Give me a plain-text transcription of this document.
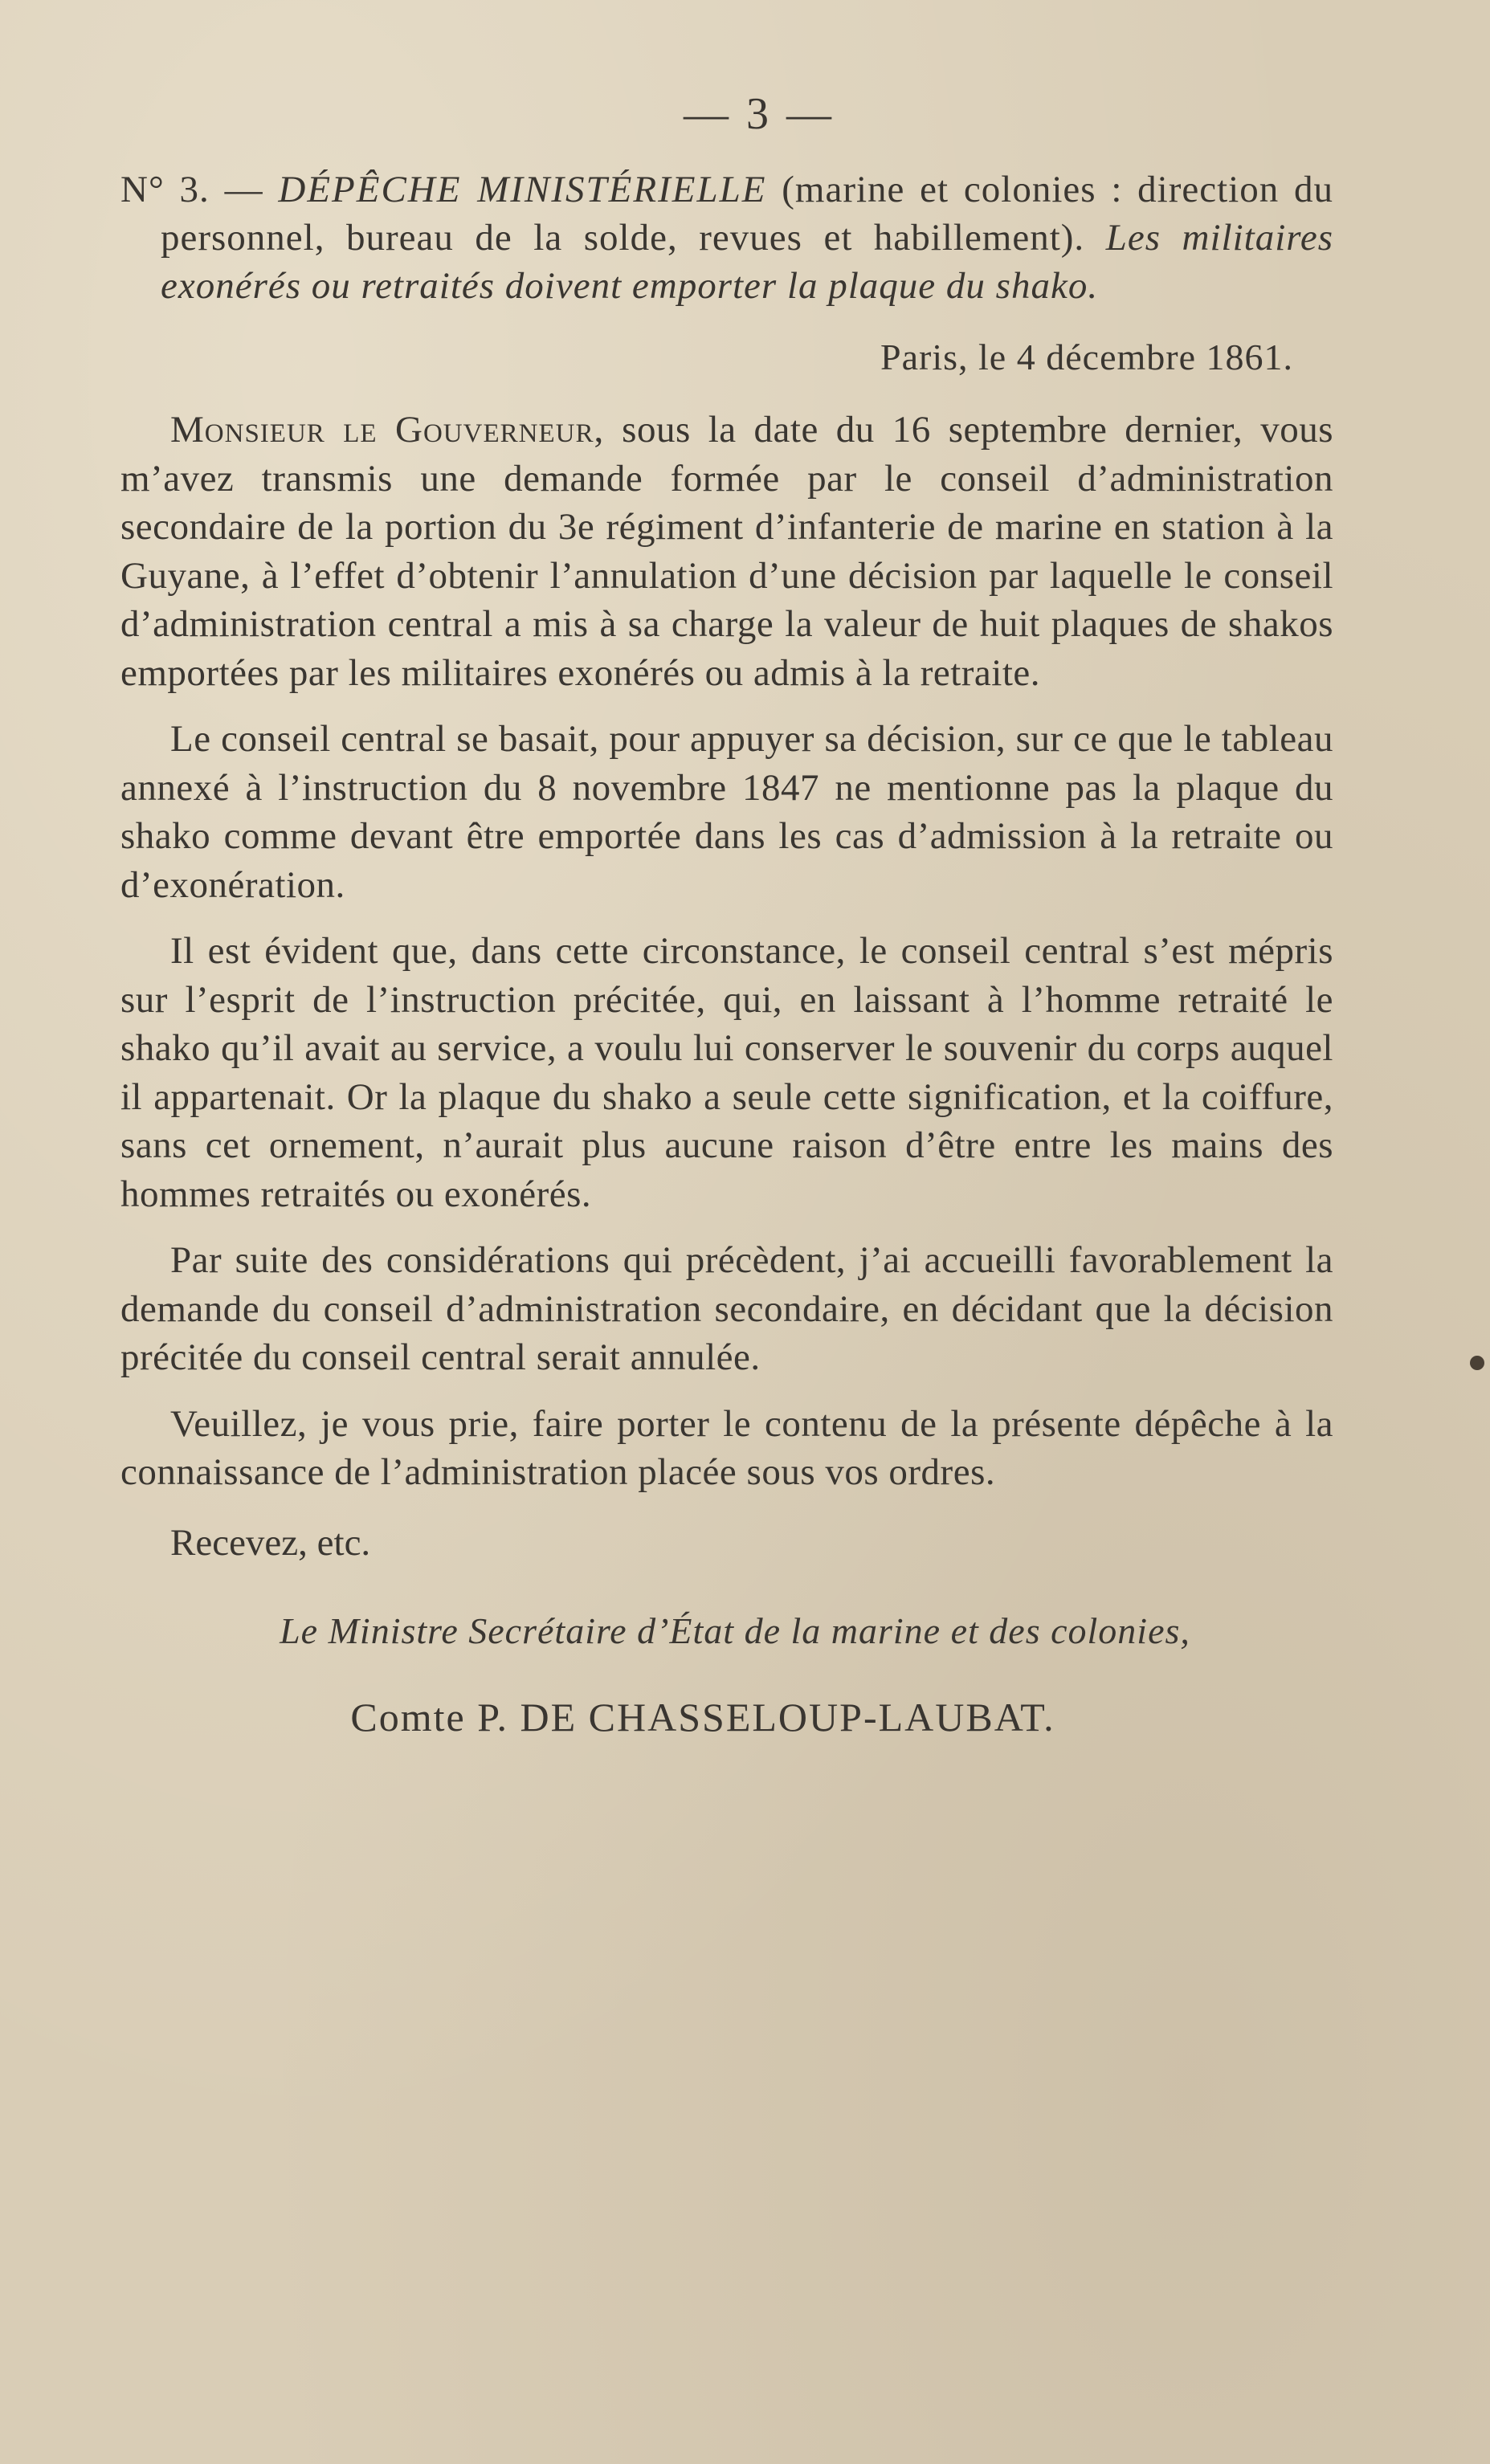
— 3 —

N° 3. — DÉPÊCHE MINISTÉRIELLE (marine et colonies : direction du personnel, bureau de la solde, revues et habillement). Les militaires exonérés ou retraités doivent emporter la plaque du shako.

Paris, le 4 décembre 1861.

Monsieur le Gouverneur, sous la date du 16 septembre dernier, vous m’avez transmis une demande formée par le conseil d’administration secondaire de la portion du 3e régiment d’infanterie de marine en station à la Guyane, à l’effet d’obtenir l’annulation d’une décision par laquelle le conseil d’administration central a mis à sa charge la valeur de huit plaques de shakos emportées par les militaires exonérés ou admis à la retraite.

Le conseil central se basait, pour appuyer sa décision, sur ce que le tableau annexé à l’instruction du 8 novembre 1847 ne mentionne pas la plaque du shako comme devant être emportée dans les cas d’admission à la retraite ou d’exonération.

Il est évident que, dans cette circonstance, le conseil central s’est mépris sur l’esprit de l’instruction précitée, qui, en laissant à l’homme retraité le shako qu’il avait au service, a voulu lui conserver le souvenir du corps auquel il appartenait. Or la plaque du shako a seule cette signification, et la coiffure, sans cet ornement, n’aurait plus aucune raison d’être entre les mains des hommes retraités ou exonérés.

Par suite des considérations qui précèdent, j’ai accueilli favorablement la demande du conseil d’administration secondaire, en décidant que la décision précitée du conseil central serait annulée.

Veuillez, je vous prie, faire porter le contenu de la présente dépêche à la connaissance de l’administration placée sous vos ordres.

Recevez, etc.
Le Ministre Secrétaire d’État de la marine et des colonies,
Comte P. DE CHASSELOUP-LAUBAT.
